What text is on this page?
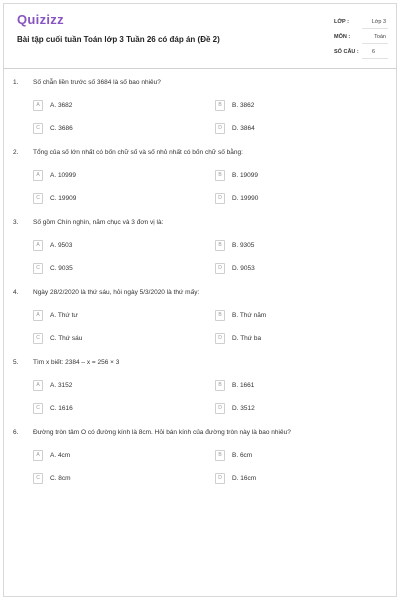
Quizizz
Bài tập cuối tuần Toán lớp 3 Tuần 26 có đáp án (Đề 2)
LỚP :	Lớp 3
MÔN :	Toán
SỐ CÂU : 6
1. Số chẵn liền trước số 3684 là số bao nhiêu?
A	A. 3682	B	B. 3862
C	C. 3686	D	D. 3864
2. Tổng của số lớn nhất có bốn chữ số và số nhỏ nhất có bốn chữ số bằng:
A	A. 10999	B	B. 19099
C	C. 19909	D	D. 19990
3. Số gồm Chín nghìn, năm chục và 3 đơn vị là:
A	A. 9503	B	B. 9305
C	C. 9035	D	D. 9053
4. Ngày 28/2/2020 là thứ sáu, hỏi ngày 5/3/2020 là thứ mấy:
A	A. Thứ tư	B	B. Thứ năm
C	C. Thứ sáu	D	D. Thứ ba
5. Tìm x biết: 2384 – x = 256 × 3
A	A. 3152	B	B. 1661
C	C. 1616	D	D. 3512
6. Đường tròn tâm O có đường kính là 8cm. Hỏi bán kính của đường tròn này là bao nhiêu?
A	A. 4cm	B	B. 6cm
C	C. 8cm	D	D. 16cm
